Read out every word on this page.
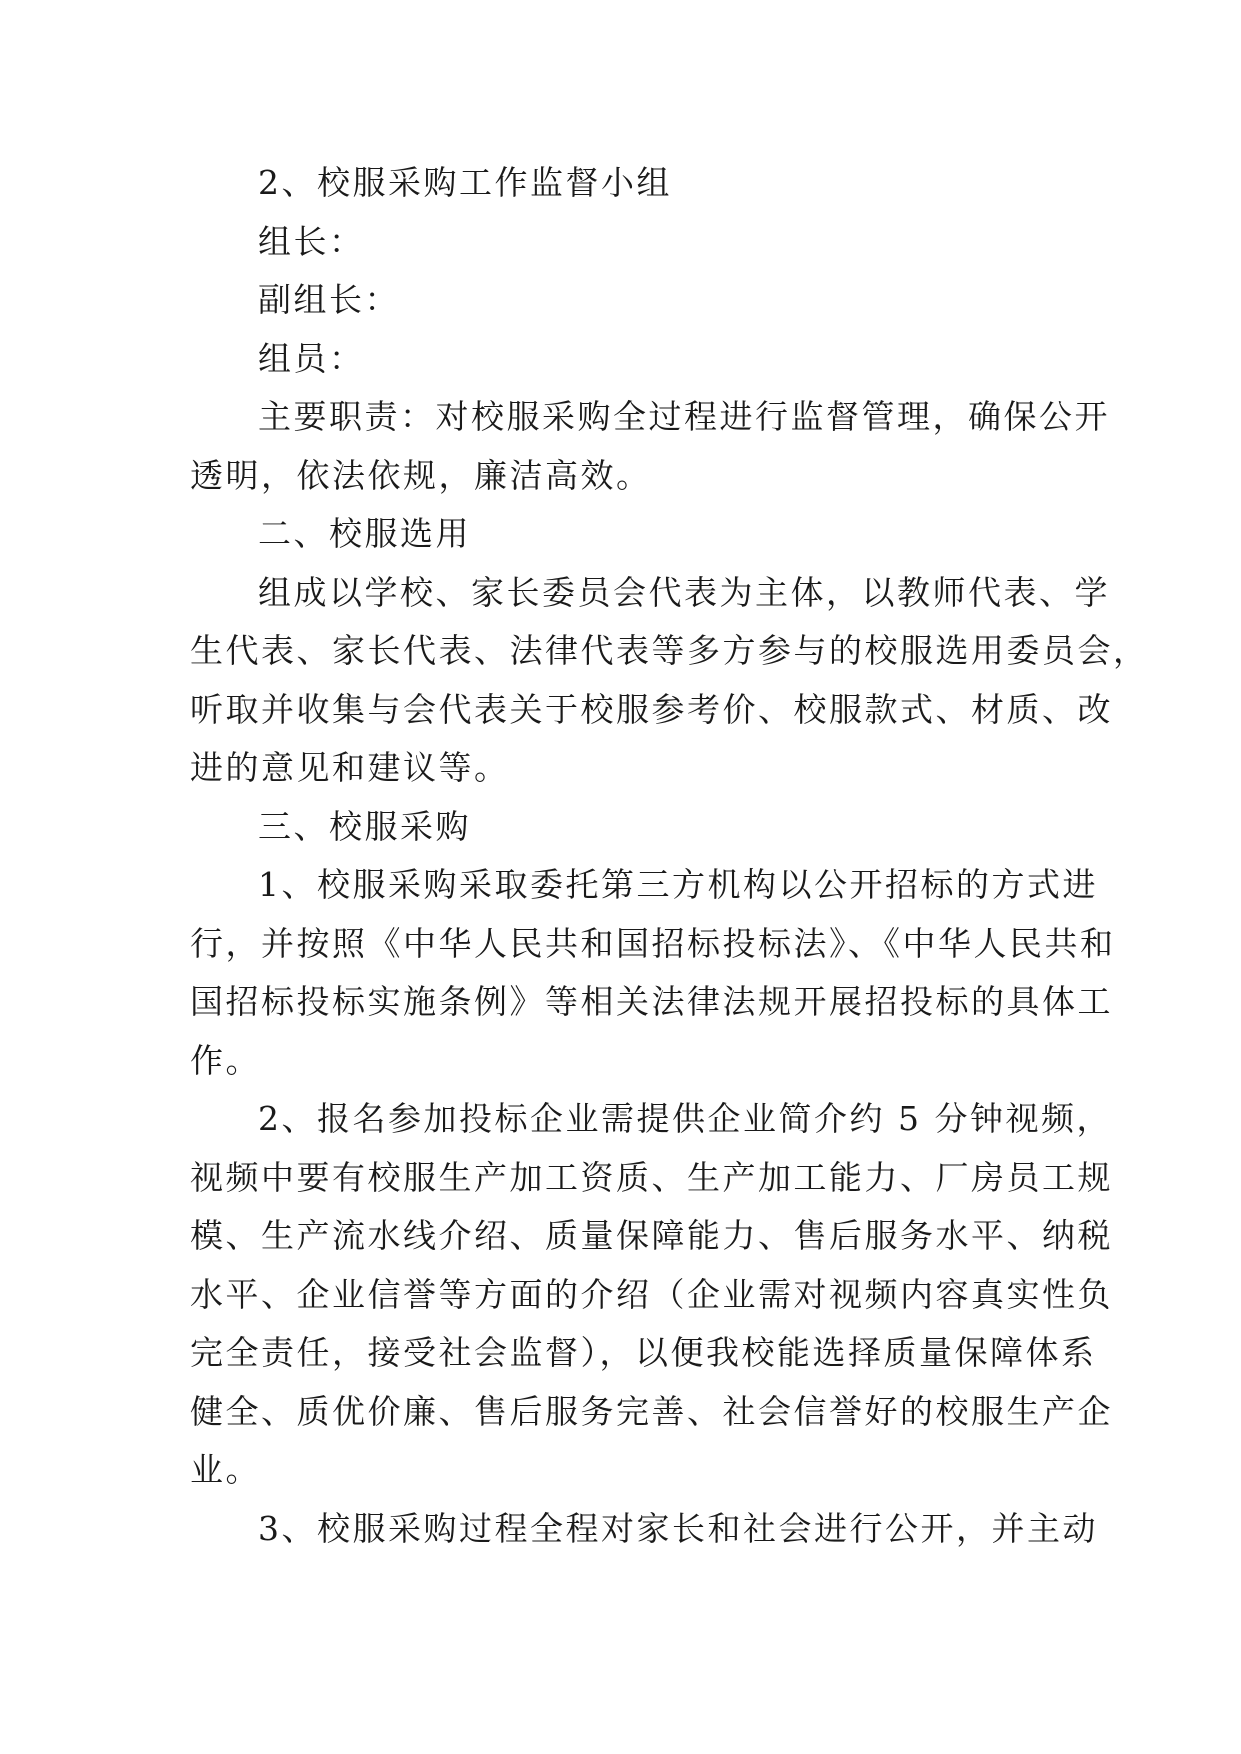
2、校服采购工作监督小组
组长：
副组长：
组员：
主要职责：对校服采购全过程进行监督管理，确保公开
透明，依法依规，廉洁高效。
二、校服选用
组成以学校、家长委员会代表为主体，以教师代表、学
生代表、家长代表、法律代表等多方参与的校服选用委员会，
听取并收集与会代表关于校服参考价、校服款式、材质、改
进的意见和建议等。
三、校服采购
1、校服采购采取委托第三方机构以公开招标的方式进
行，并按照《中华人民共和国招标投标法》、《中华人民共和
国招标投标实施条例》等相关法律法规开展招投标的具体工
作。
2、报名参加投标企业需提供企业简介约 5 分钟视频，
视频中要有校服生产加工资质、生产加工能力、厂房员工规
模、生产流水线介绍、质量保障能力、售后服务水平、纳税
水平、企业信誉等方面的介绍（企业需对视频内容真实性负
完全责任，接受社会监督），以便我校能选择质量保障体系
健全、质优价廉、售后服务完善、社会信誉好的校服生产企
业。
3、校服采购过程全程对家长和社会进行公开，并主动
